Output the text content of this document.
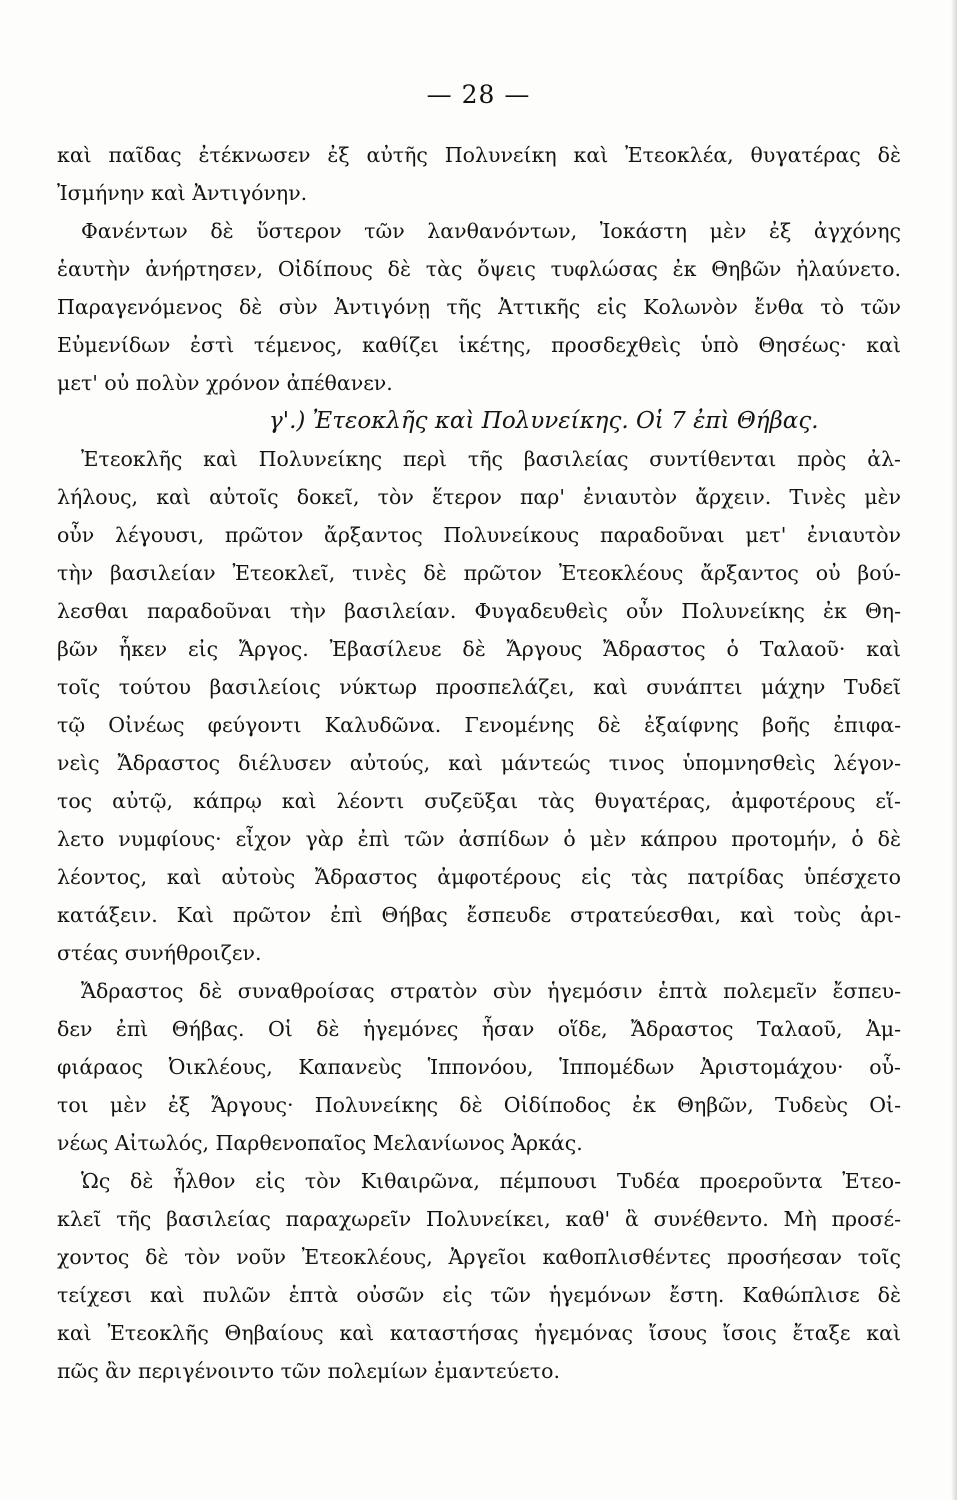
— 28 —
καὶ παῖδας ἐτέκνωσεν ἐξ αὐτῆς Πολυνείκη καὶ Ἐτεοκλέα, θυγατέρας δὲ
Ἰσμήνην καὶ Ἀντιγόνην.
Φανέντων δὲ ὕστερον τῶν λανθανόντων, Ἰοκάστη μὲν ἐξ ἀγχόνης
ἑαυτὴν ἀνήρτησεν, Οἰδίπους δὲ τὰς ὄψεις τυφλώσας ἐκ Θηβῶν ἠλαύνετο.
Παραγενόμενος δὲ σὺν Ἀντιγόνῃ τῆς Ἀττικῆς εἰς Κολωνὸν ἔνθα τὸ τῶν
Εὐμενίδων ἐστὶ τέμενος, καθίζει ἱκέτης, προσδεχθεὶς ὑπὸ Θησέως· καὶ
μετ' οὐ πολὺν χρόνον ἀπέθανεν.
γ'.) Ἐτεοκλῆς καὶ Πολυνείκης. Οἱ 7 ἐπὶ Θήβας.
Ἐτεοκλῆς καὶ Πολυνείκης περὶ τῆς βασιλείας συντίθενται πρὸς ἀλ-
λήλους, καὶ αὐτοῖς δοκεῖ, τὸν ἕτερον παρ' ἐνιαυτὸν ἄρχειν. Τινὲς μὲν
οὖν λέγουσι, πρῶτον ἄρξαντος Πολυνείκους παραδοῦναι μετ' ἐνιαυτὸν
τὴν βασιλείαν Ἐτεοκλεῖ, τινὲς δὲ πρῶτον Ἐτεοκλέους ἄρξαντος οὐ βού-
λεσθαι παραδοῦναι τὴν βασιλείαν. Φυγαδευθεὶς οὖν Πολυνείκης ἐκ Θη-
βῶν ἧκεν εἰς Ἄργος. Ἐβασίλευε δὲ Ἄργους Ἄδραστος ὁ Ταλαοῦ· καὶ
τοῖς τούτου βασιλείοις νύκτωρ προσπελάζει, καὶ συνάπτει μάχην Τυδεῖ
τῷ Οἰνέως φεύγοντι Καλυδῶνα. Γενομένης δὲ ἐξαίφνης βοῆς ἐπιφα-
νεὶς Ἄδραστος διέλυσεν αὐτούς, καὶ μάντεώς τινος ὑπομνησθεὶς λέγον-
τος αὐτῷ, κάπρῳ καὶ λέοντι συζεῦξαι τὰς θυγατέρας, ἀμφοτέρους εἵ-
λετο νυμφίους· εἶχον γὰρ ἐπὶ τῶν ἀσπίδων ὁ μὲν κάπρου προτομήν, ὁ δὲ
λέοντος, καὶ αὐτοὺς Ἄδραστος ἀμφοτέρους εἰς τὰς πατρίδας ὑπέσχετο
κατάξειν. Καὶ πρῶτον ἐπὶ Θήβας ἔσπευδε στρατεύεσθαι, καὶ τοὺς ἀρι-
στέας συνήθροιζεν.
Ἄδραστος δὲ συναθροίσας στρατὸν σὺν ἡγεμόσιν ἑπτὰ πολεμεῖν ἔσπευ-
δεν ἐπὶ Θήβας. Οἱ δὲ ἡγεμόνες ἦσαν οἵδε, Ἄδραστος Ταλαοῦ, Ἀμ-
φιάραος Ὀικλέους, Καπανεὺς Ἱππονόου, Ἱππομέδων Ἀριστομάχου· οὗ-
τοι μὲν ἐξ Ἄργους· Πολυνείκης δὲ Οἰδίποδος ἐκ Θηβῶν, Τυδεὺς Οἰ-
νέως Αἰτωλός, Παρθενοπαῖος Μελανίωνος Ἀρκάς.
Ὡς δὲ ἦλθον εἰς τὸν Κιθαιρῶνα, πέμπουσι Τυδέα προεροῦντα Ἐτεο-
κλεῖ τῆς βασιλείας παραχωρεῖν Πολυνείκει, καθ' ἃ συνέθεντο. Μὴ προσέ-
χοντος δὲ τὸν νοῦν Ἐτεοκλέους, Ἀργεῖοι καθοπλισθέντες προσήεσαν τοῖς
τείχεσι καὶ πυλῶν ἑπτὰ οὐσῶν εἰς τῶν ἡγεμόνων ἔστη. Καθώπλισε δὲ
καὶ Ἐτεοκλῆς Θηβαίους καὶ καταστήσας ἡγεμόνας ἴσους ἴσοις ἔταξε καὶ
πῶς ἂν περιγένοιντο τῶν πολεμίων ἐμαντεύετο.
